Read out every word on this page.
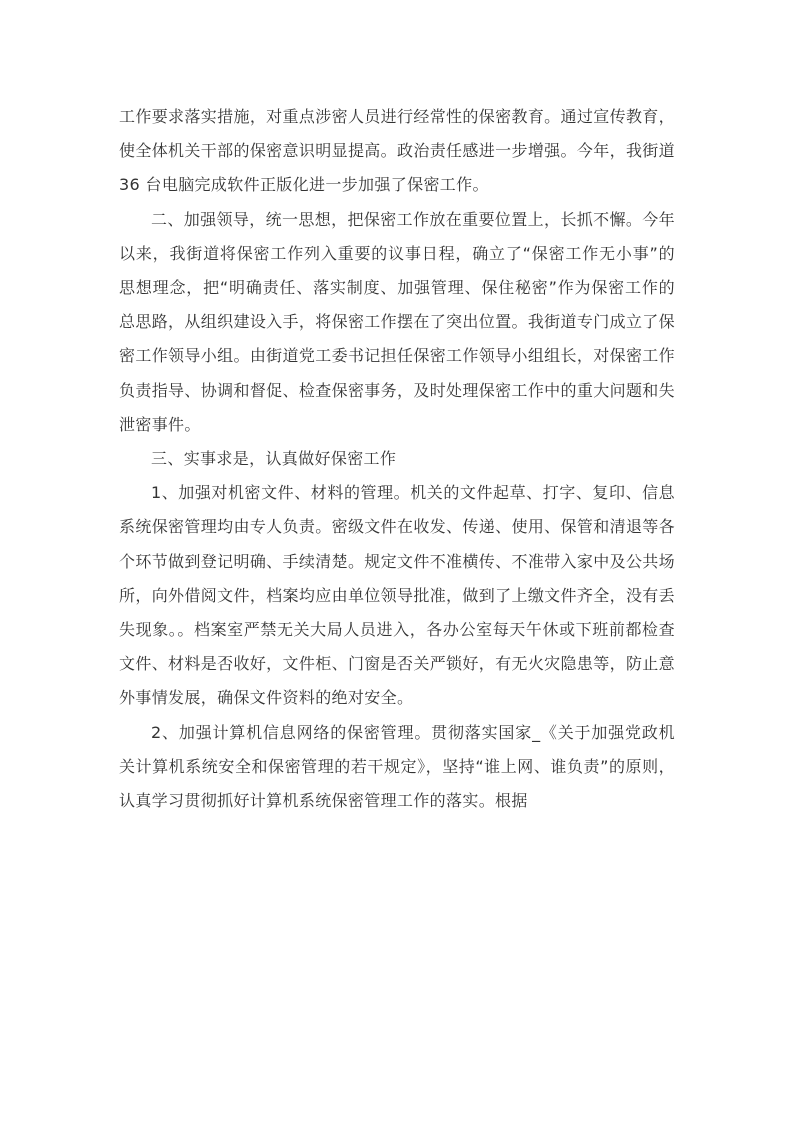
工作要求落实措施，对重点涉密人员进行经常性的保密教育。通过宣传教育，使全体机关干部的保密意识明显提高。政治责任感进一步增强。今年，我街道 36 台电脑完成软件正版化进一步加强了保密工作。

二、加强领导，统一思想，把保密工作放在重要位置上，长抓不懈。今年以来，我街道将保密工作列入重要的议事日程，确立了“保密工作无小事”的思想理念，把“明确责任、落实制度、加强管理、保住秘密”作为保密工作的总思路，从组织建设入手，将保密工作摆在了突出位置。我街道专门成立了保密工作领导小组。由街道党工委书记担任保密工作领导小组组长，对保密工作负责指导、协调和督促、检查保密事务，及时处理保密工作中的重大问题和失泄密事件。

三、实事求是，认真做好保密工作

1、加强对机密文件、材料的管理。机关的文件起草、打字、复印、信息系统保密管理均由专人负责。密级文件在收发、传递、使用、保管和清退等各个环节做到登记明确、手续清楚。规定文件不准横传、不准带入家中及公共场所，向外借阅文件，档案均应由单位领导批准，做到了上缴文件齐全，没有丢失现象。。档案室严禁无关大局人员进入，各办公室每天午休或下班前都检查文件、材料是否收好，文件柜、门窗是否关严锁好，有无火灾隐患等，防止意外事情发展，确保文件资料的绝对安全。

2、加强计算机信息网络的保密管理。贯彻落实国家_《关于加强党政机关计算机系统安全和保密管理的若干规定》，坚持“谁上网、谁负责”的原则，认真学习贯彻抓好计算机系统保密管理工作的落实。根据
